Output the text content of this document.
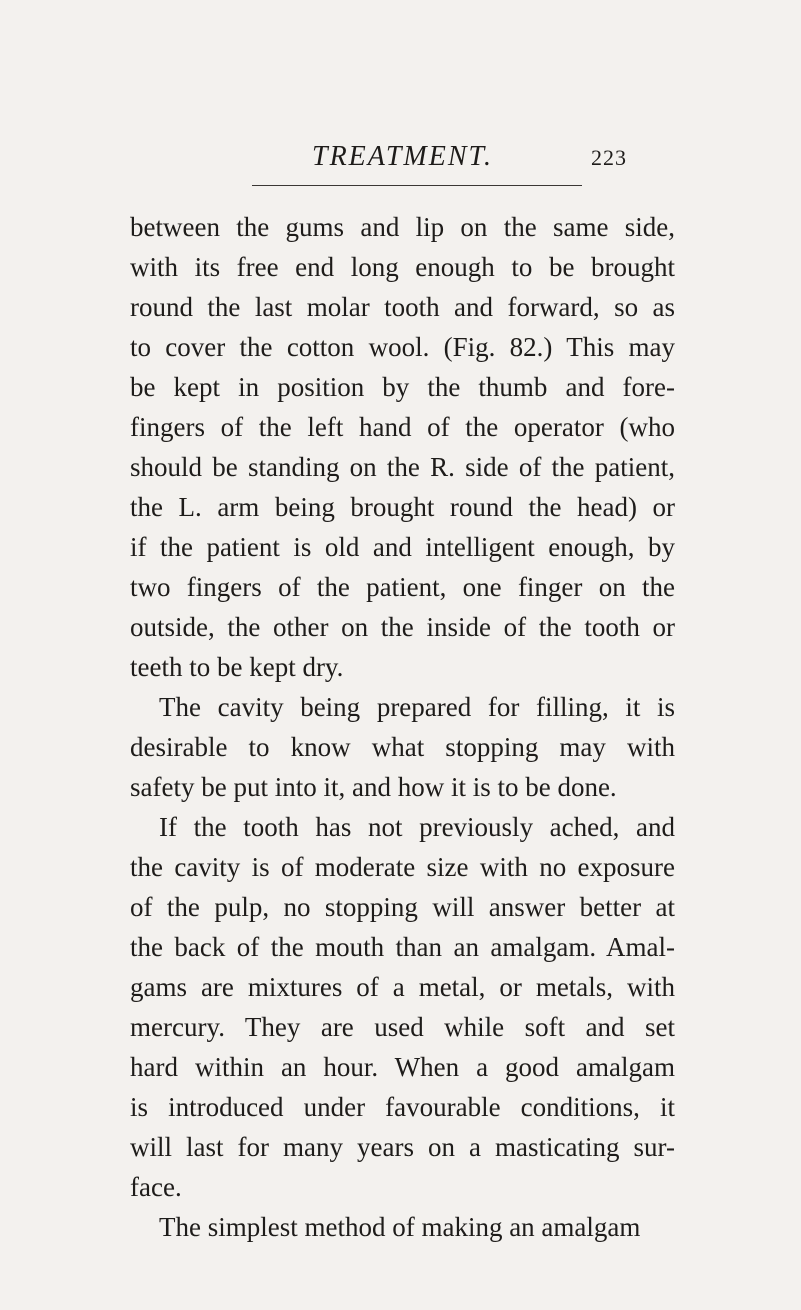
TREATMENT.	223
between the gums and lip on the same side,
with its free end long enough to be brought
round the last molar tooth and forward, so as
to cover the cotton wool. (Fig. 82.) This may
be kept in position by the thumb and fore-
fingers of the left hand of the operator (who
should be standing on the R. side of the patient,
the L. arm being brought round the head) or
if the patient is old and intelligent enough, by
two fingers of the patient, one finger on the
outside, the other on the inside of the tooth or
teeth to be kept dry.
The cavity being prepared for filling, it is
desirable to know what stopping may with
safety be put into it, and how it is to be done.
If the tooth has not previously ached, and
the cavity is of moderate size with no exposure
of the pulp, no stopping will answer better at
the back of the mouth than an amalgam. Amal-
gams are mixtures of a metal, or metals, with
mercury. They are used while soft and set
hard within an hour. When a good amalgam
is introduced under favourable conditions, it
will last for many years on a masticating sur-
face.
The simplest method of making an amalgam
